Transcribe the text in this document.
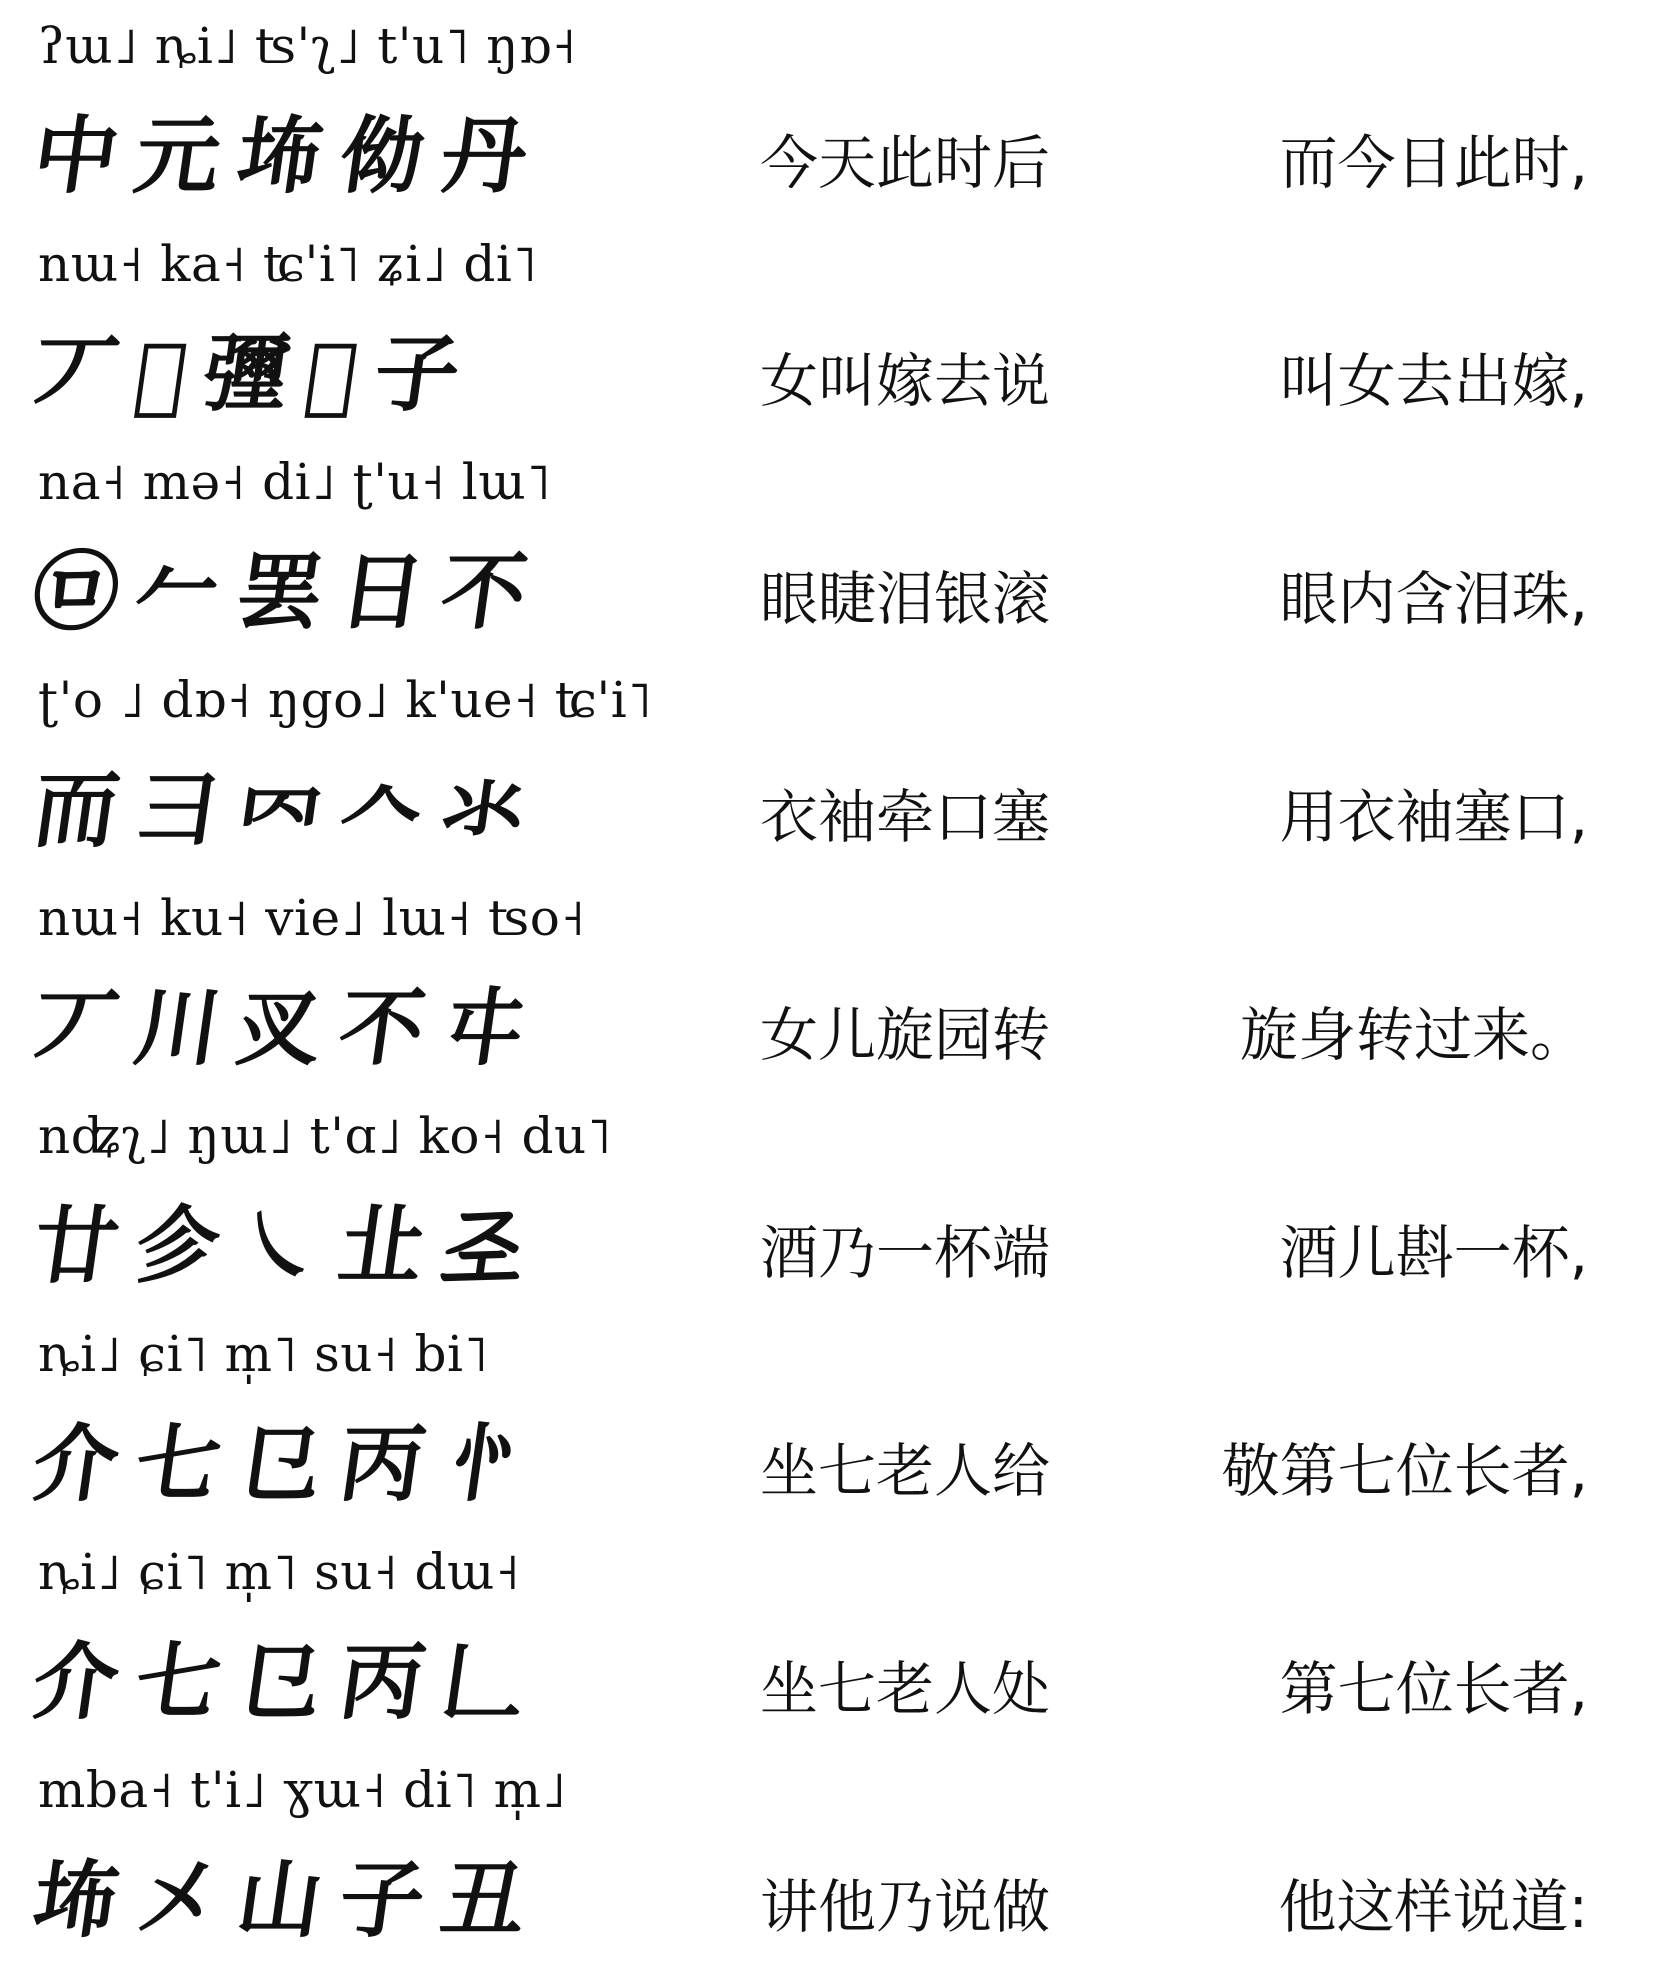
ʔɯ˩ ȵi˩ ʦ'ʅ˩ t'u˥ ŋɒ˧
中元㘵㑃丹	今天此时后	而今日此时,
nɯ˧ ka˧ ʨ'i˥ ʑi˩ di˥
丆𠂌㣆𠀕子	女叫嫁去说	叫女去出嫁,
na˧ mə˧ di˩ ʈ'u˧ lɯ˥
㉤𠂉罢日不	眼睫泪银滚	眼内含泪珠,
ʈ'o ˩ dɒ˧ ŋgo˩ k'ue˧ ʨ'i˥
而彐𠔿𠆢氺	衣袖牵口塞	用衣袖塞口,
nɯ˧ ku˧ vie˩ lɯ˧ ʦo˧
丆川㕚不㐄	女儿旋园转	旋身转过来。
nʥʅ˩ ŋɯ˩ t'ɑ˩ ko˧ du˥
廿㐱㇏㐀𢀖	酒乃一杯端	酒儿斟一杯,
ȵi˩ ɕi˥ m̩˥ su˧ bi˥
介七㔾丙㣺	坐七老人给	敬第七位长者,
ȵi˩ ɕi˥ m̩˥ su˧ dɯ˧
介七㔾丙𠃊	坐七老人处	第七位长者,
mba˧ t'i˩ ɣɯ˧ di˥ m̩˩
㘵㐅山子丑	讲他乃说做	他这样说道:
